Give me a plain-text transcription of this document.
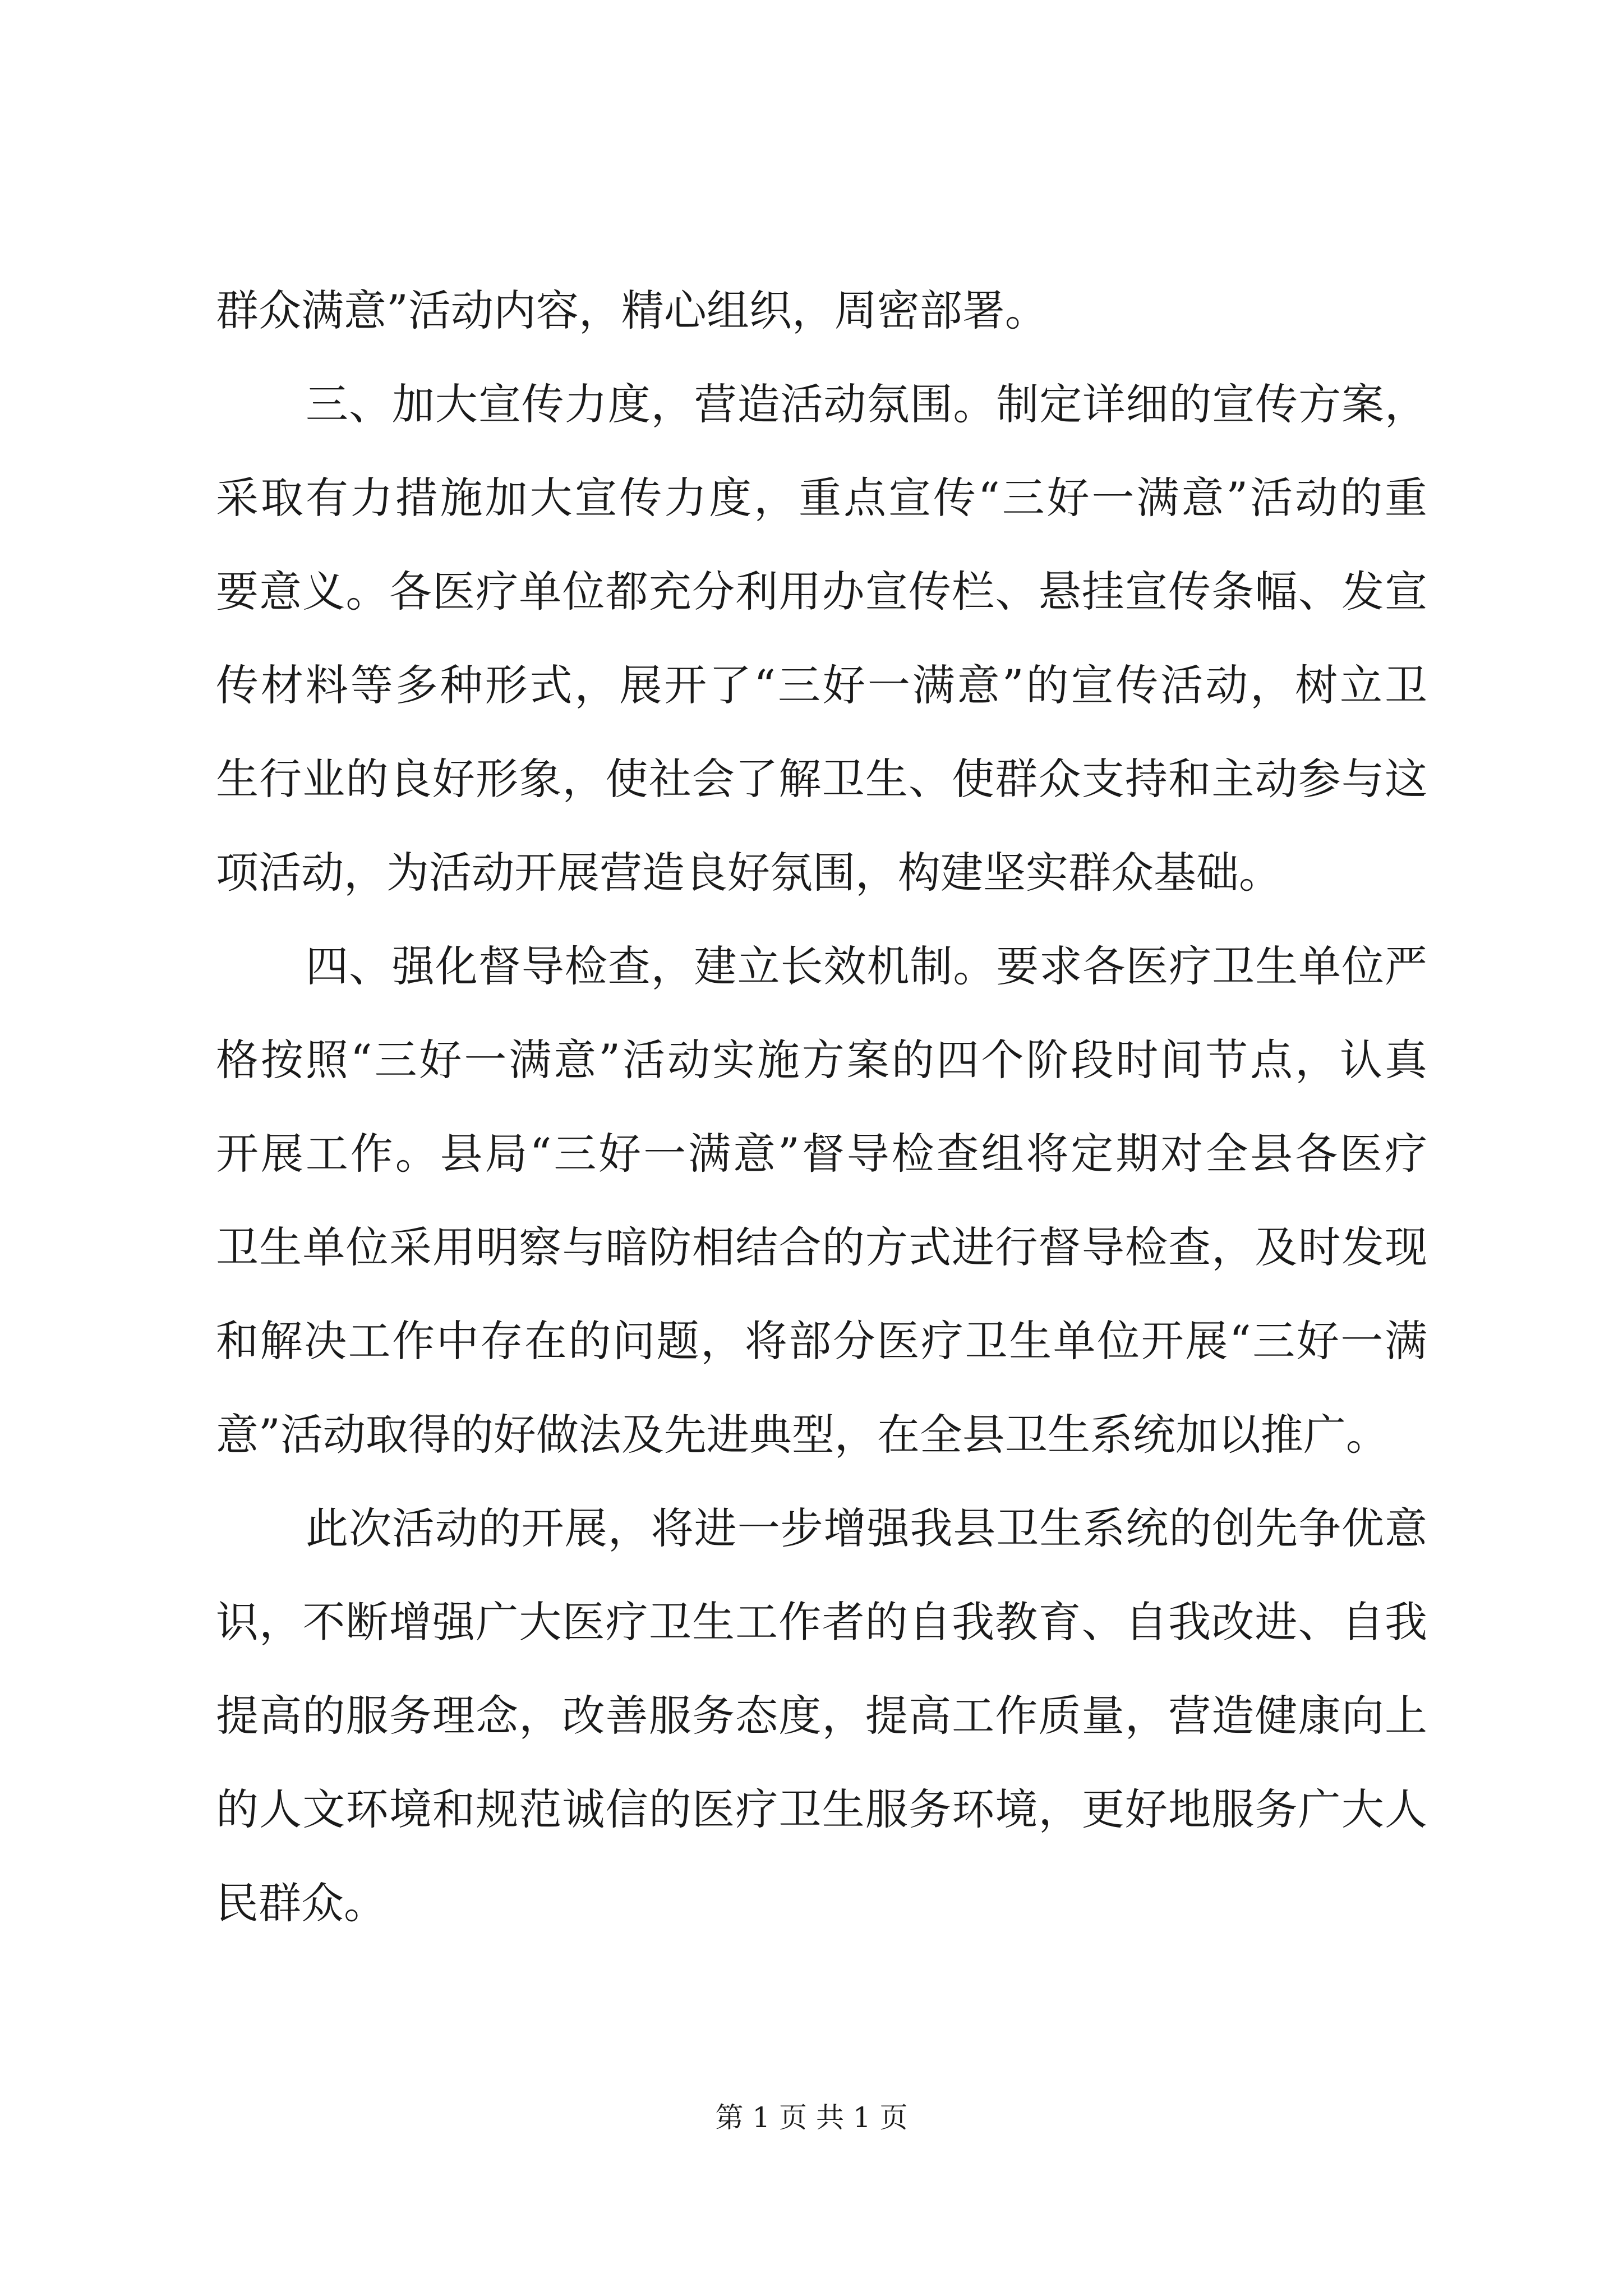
群众满意”活动内容，精心组织，周密部署。
三、加大宣传力度，营造活动氛围。制定详细的宣传方案，
采取有力措施加大宣传力度，重点宣传“三好一满意”活动的重
要意义。各医疗单位都充分利用办宣传栏、悬挂宣传条幅、发宣
传材料等多种形式，展开了“三好一满意”的宣传活动，树立卫
生行业的良好形象，使社会了解卫生、使群众支持和主动参与这
项活动，为活动开展营造良好氛围，构建坚实群众基础。
四、强化督导检查，建立长效机制。要求各医疗卫生单位严
格按照“三好一满意”活动实施方案的四个阶段时间节点，认真
开展工作。县局“三好一满意”督导检查组将定期对全县各医疗
卫生单位采用明察与暗防相结合的方式进行督导检查，及时发现
和解决工作中存在的问题，将部分医疗卫生单位开展“三好一满
意”活动取得的好做法及先进典型，在全县卫生系统加以推广。
此次活动的开展，将进一步增强我县卫生系统的创先争优意
识，不断增强广大医疗卫生工作者的自我教育、自我改进、自我
提高的服务理念，改善服务态度，提高工作质量，营造健康向上
的人文环境和规范诚信的医疗卫生服务环境，更好地服务广大人
民群众。
第 1 页 共 1 页
